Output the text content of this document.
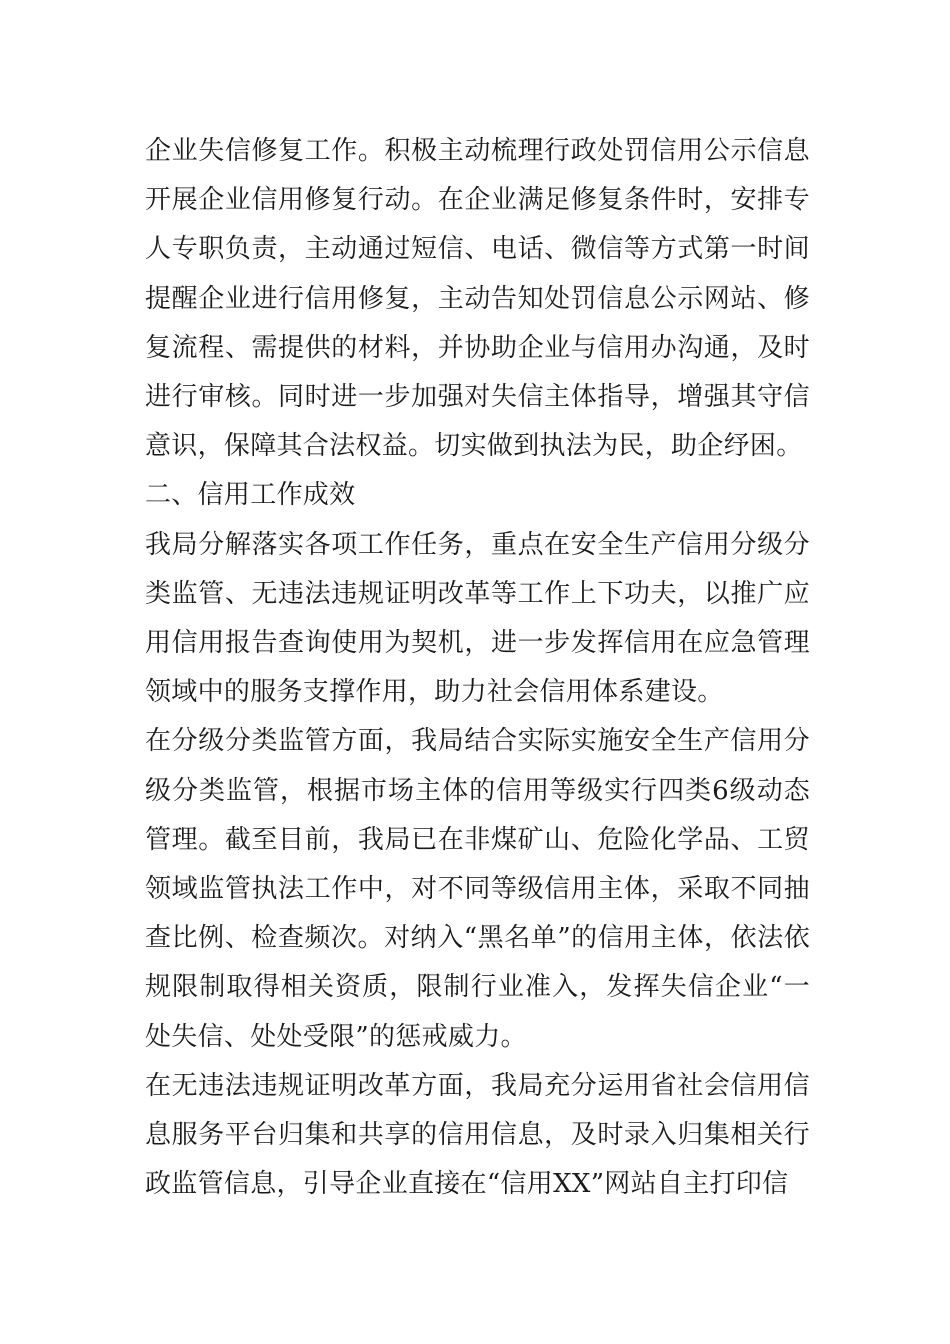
企业失信修复工作。积极主动梳理行政处罚信用公示信息开展企业信用修复行动。在企业满足修复条件时，安排专人专职负责，主动通过短信、电话、微信等方式第一时间提醒企业进行信用修复，主动告知处罚信息公示网站、修复流程、需提供的材料，并协助企业与信用办沟通，及时进行审核。同时进一步加强对失信主体指导，增强其守信意识，保障其合法权益。切实做到执法为民，助企纾困。

二、信用工作成效

我局分解落实各项工作任务，重点在安全生产信用分级分类监管、无违法违规证明改革等工作上下功夫，以推广应用信用报告查询使用为契机，进一步发挥信用在应急管理领域中的服务支撑作用，助力社会信用体系建设。

在分级分类监管方面，我局结合实际实施安全生产信用分级分类监管，根据市场主体的信用等级实行四类6级动态管理。截至目前，我局已在非煤矿山、危险化学品、工贸领域监管执法工作中，对不同等级信用主体，采取不同抽查比例、检查频次。对纳入“黑名单”的信用主体，依法依规限制取得相关资质，限制行业准入，发挥失信企业“一处失信、处处受限”的惩戒威力。

在无违法违规证明改革方面，我局充分运用省社会信用信息服务平台归集和共享的信用信息，及时录入归集相关行政监管信息，引导企业直接在“信用XX”网站自主打印信
